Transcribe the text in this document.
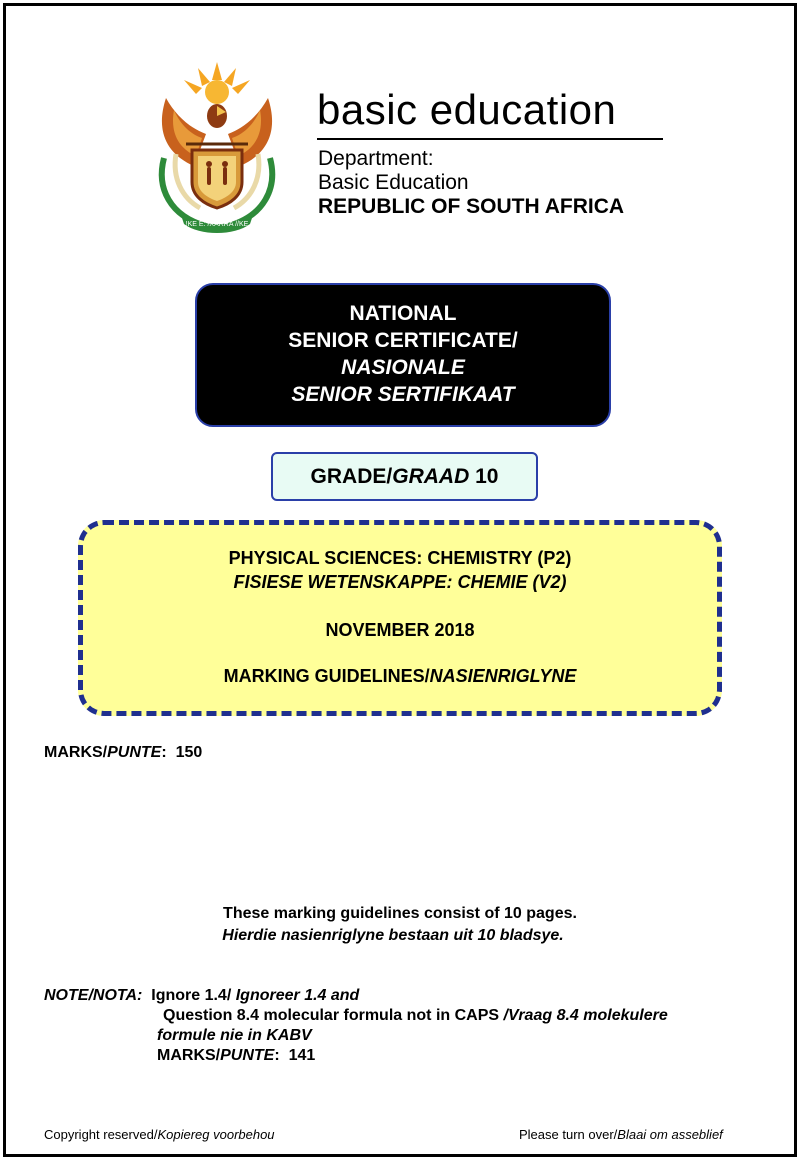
!KE E: /XARRA //KE
basic education
Department:
Basic Education
REPUBLIC OF SOUTH AFRICA
NATIONAL
SENIOR CERTIFICATE/
NASIONALE
SENIOR SERTIFIKAAT
GRADE/GRAAD 10
PHYSICAL SCIENCES: CHEMISTRY (P2)
FISIESE WETENSKAPPE: CHEMIE (V2)
NOVEMBER 2018
MARKING GUIDELINES/NASIENRIGLYNE
MARKS/PUNTE:  150
These marking guidelines consist of 10 pages.
Hierdie nasienriglyne bestaan uit 10 bladsye.
NOTE/NOTA:  Ignore 1.4/ Ignoreer 1.4 and
Question 8.4 molecular formula not in CAPS /Vraag 8.4 molekulere
formule nie in KABV
MARKS/PUNTE:  141
Copyright reserved/Kopiereg voorbehou	Please turn over/Blaai om asseblief
